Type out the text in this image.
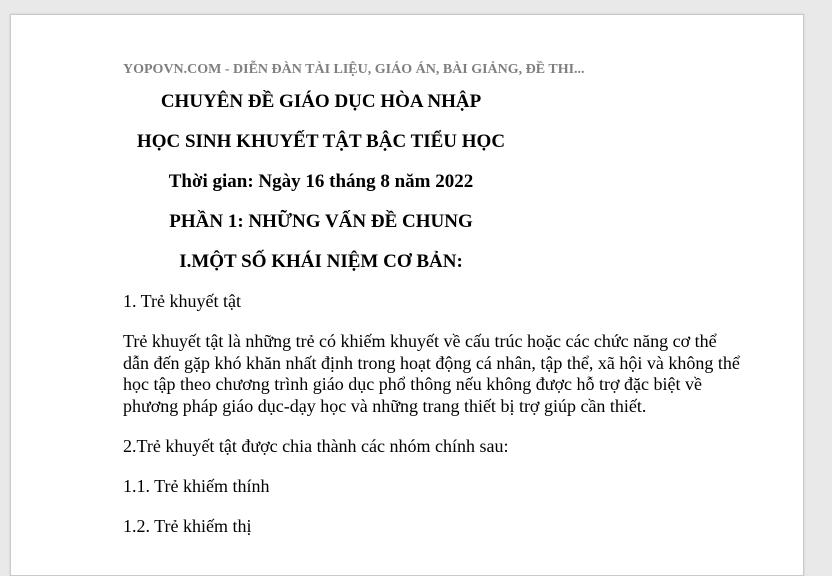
YOPOVN.COM - DIỄN ĐÀN TÀI LIỆU, GIÁO ÁN, BÀI GIẢNG, ĐỀ THI...
CHUYÊN ĐỀ GIÁO DỤC HÒA NHẬP
HỌC SINH KHUYẾT TẬT BẬC TIỂU HỌC
Thời gian: Ngày 16 tháng 8 năm 2022
PHẦN 1: NHỮNG VẤN ĐỀ CHUNG
I.MỘT SỐ KHÁI NIỆM CƠ BẢN:
1. Trẻ khuyết tật
Trẻ khuyết tật là những trẻ có khiếm khuyết về cấu trúc hoặc các chức năng cơ thể
dẫn đến gặp khó khăn nhất định trong hoạt động cá nhân, tập thể, xã hội và không thể
học tập theo chương trình giáo dục phổ thông nếu không được hỗ trợ đặc biệt về
phương pháp giáo dục-dạy học và những trang thiết bị trợ giúp cần thiết.
2.Trẻ khuyết tật được chia thành các nhóm chính sau:
1.1. Trẻ khiếm thính
1.2. Trẻ khiếm thị
